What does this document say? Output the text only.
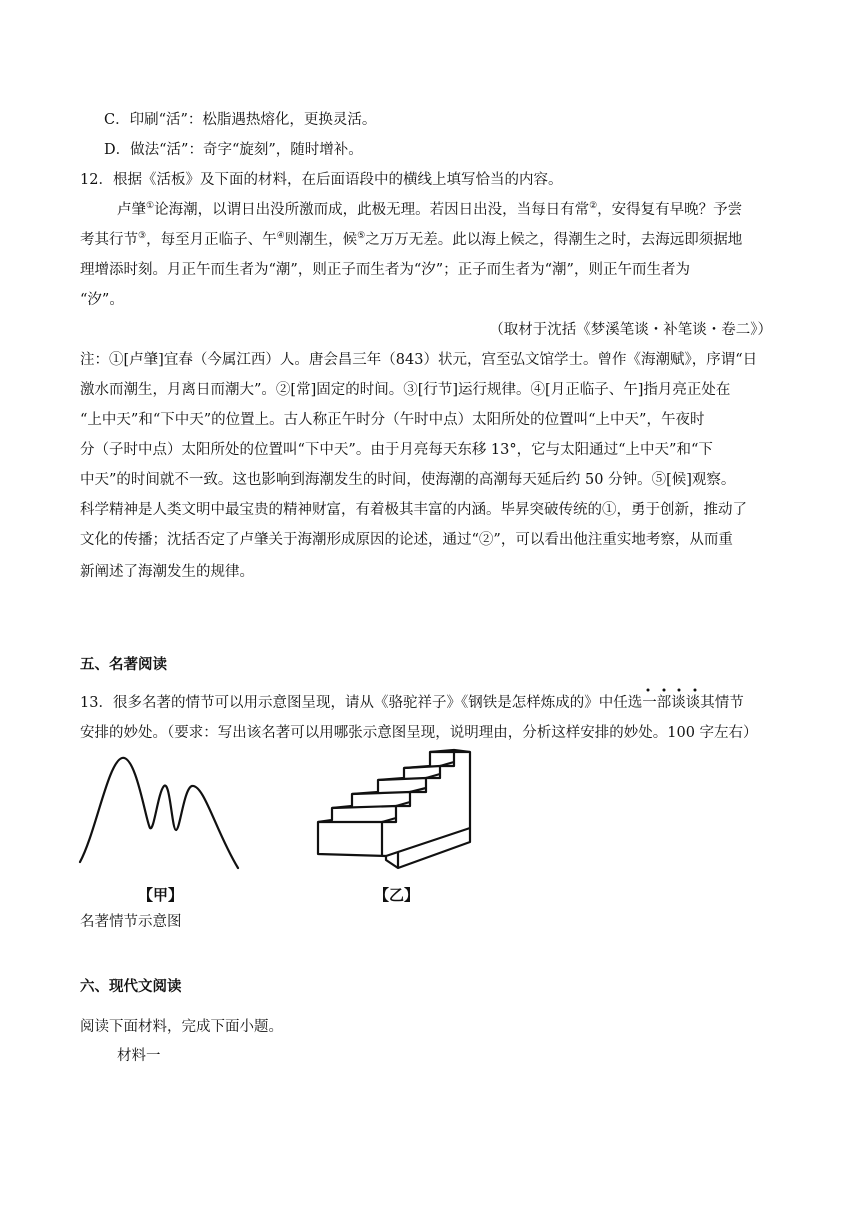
C．印刷“活”：松脂遇热熔化，更换灵活。
D．做法“活”：奇字“旋刻”，随时增补。
12．根据《活板》及下面的材料，在后面语段中的横线上填写恰当的内容。
卢肇①论海潮，以谓日出没所激而成，此极无理。若因日出没，当每日有常②，安得复有早晚？予尝
考其行节③，每至月正临子、午④则潮生，候⑤之万万无差。此以海上候之，得潮生之时，去海远即须据地
理增添时刻。月正午而生者为“潮”，则正子而生者为“汐”；正子而生者为“潮”，则正午而生者为
“汐”。
（取材于沈括《梦溪笔谈・补笔谈・卷二》）
注：①[卢肇]宜春（今属江西）人。唐会昌三年（843）状元，宫至弘文馆学士。曾作《海潮赋》，序谓“日
激水而潮生，月离日而潮大”。②[常]固定的时间。③[行节]运行规律。④[月正临子、午]指月亮正处在
“上中天”和“下中天”的位置上。古人称正午时分（午时中点）太阳所处的位置叫“上中天”，午夜时
分（子时中点）太阳所处的位置叫“下中天”。由于月亮每天东移 13°，它与太阳通过“上中天”和“下
中天”的时间就不一致。这也影响到海潮发生的时间，使海潮的高潮每天延后约 50 分钟。⑤[候]观察。
科学精神是人类文明中最宝贵的精神财富，有着极其丰富的内涵。毕昇突破传统的①，勇于创新，推动了
文化的传播；沈括否定了卢肇关于海潮形成原因的论述，通过“②”，可以看出他注重实地考察，从而重
新阐述了海潮发生的规律。
五、名著阅读
13．很多名著的情节可以用示意图呈现，请从《骆驼祥子》《钢铁是怎样炼成的》中任选一部谈谈其情节
安排的妙处。（要求：写出该名著可以用哪张示意图呈现，说明理由，分析这样安排的妙处。100 字左右）
【甲】	【乙】
名著情节示意图
六、现代文阅读
阅读下面材料，完成下面小题。
材料一
